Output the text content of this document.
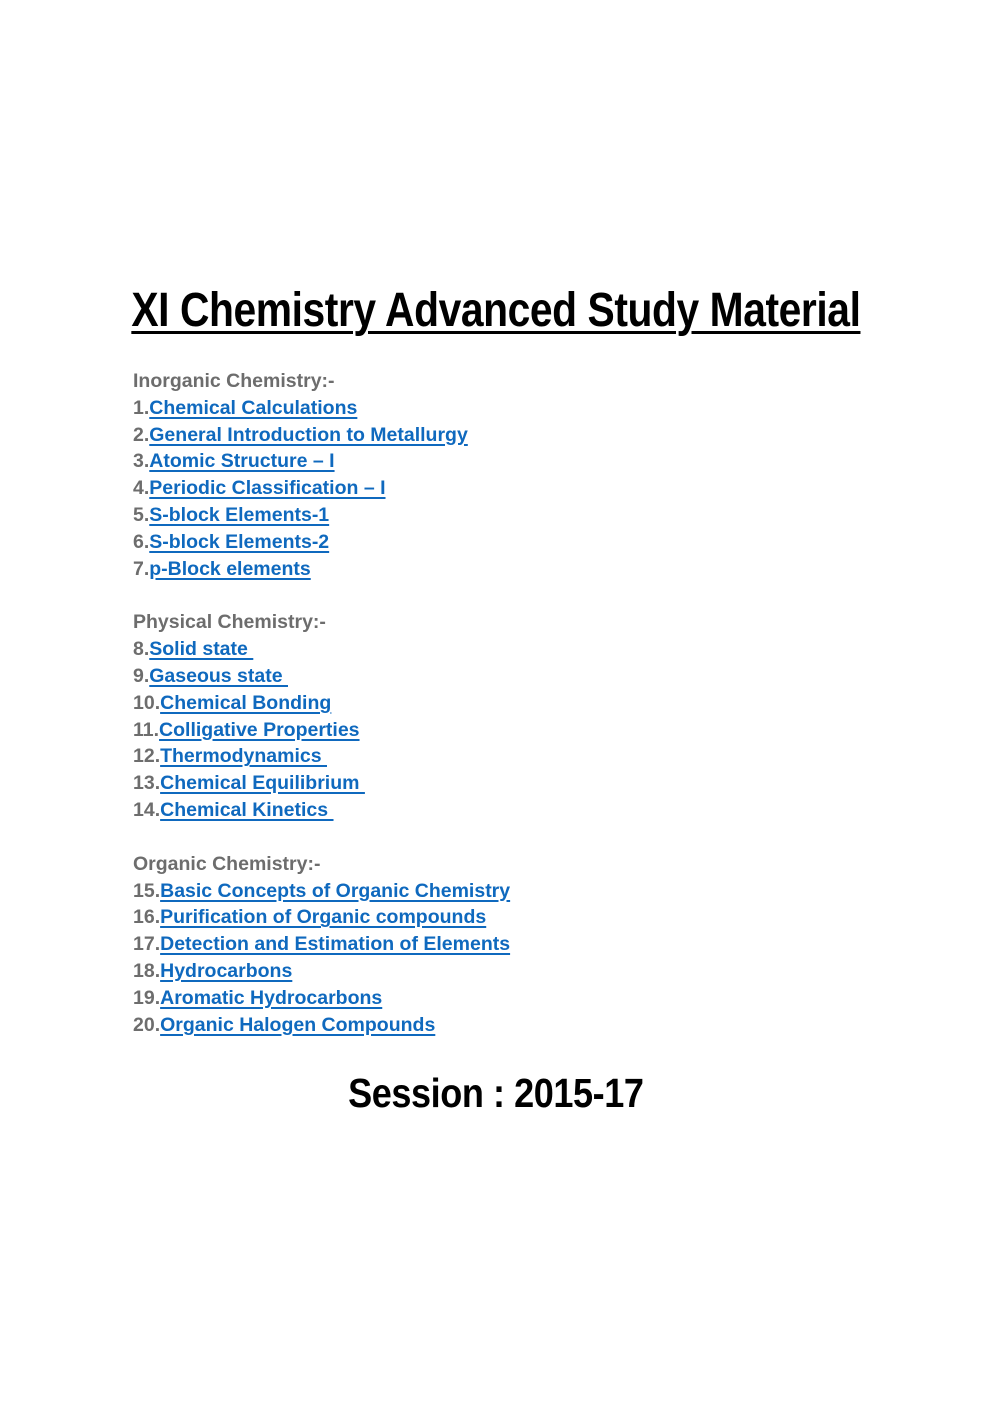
XI Chemistry Advanced Study Material
Inorganic Chemistry:-
1.Chemical Calculations
2.General Introduction to Metallurgy
3.Atomic Structure – I
4.Periodic Classification – I
5.S-block Elements-1
6.S-block Elements-2
7.p-Block elements
Physical Chemistry:-
8.Solid state
9.Gaseous state
10.Chemical Bonding
11.Colligative Properties
12.Thermodynamics
13.Chemical Equilibrium
14.Chemical Kinetics
Organic Chemistry:-
15.Basic Concepts of Organic Chemistry
16.Purification of Organic compounds
17.Detection and Estimation of Elements
18.Hydrocarbons
19.Aromatic Hydrocarbons
20.Organic Halogen Compounds
Session : 2015-17
